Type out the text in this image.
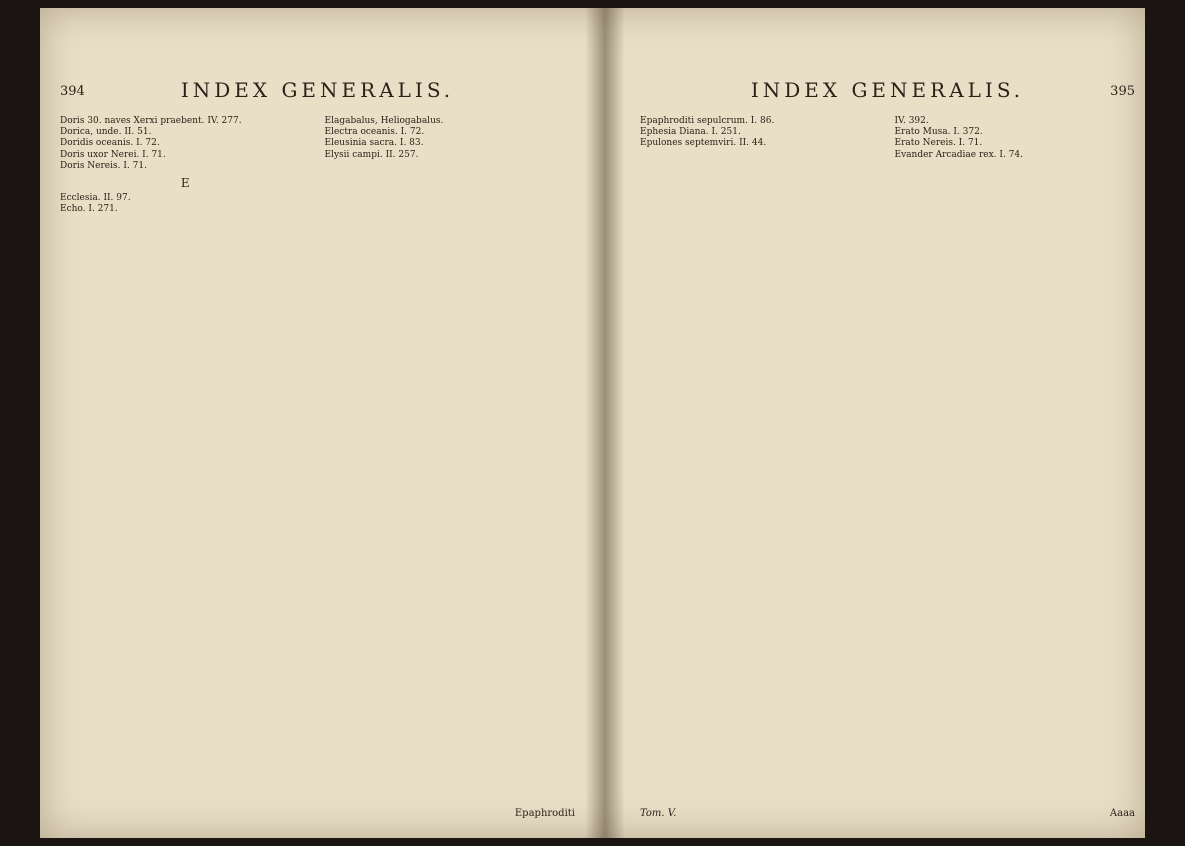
394	INDEX GENERALIS.

Doris 30. naves Xerxi praebent. IV. 277.

Dorica, unde. II. 51.

Doridis oceanis. I. 72.

Doris uxor Nerei. I. 71.

Doris Nereis. I. 71.

E

Ecclesia. II. 97.

Echo. I. 271.

Elagabalus, Heliogabalus.

Electra oceanis. I. 72.

Eleusinia sacra. I. 83.

Elysii campi. II. 257.

Epaphroditi
INDEX GENERALIS.	395

Epaphroditi sepulcrum. I. 86.

Ephesia Diana. I. 251.

Epulones septemviri. II. 44.

IV. 392.

Erato Musa. I. 372.

Erato Nereis. I. 71.

Evander Arcadiae rex. I. 74.

Tom. V.	Aaaa
